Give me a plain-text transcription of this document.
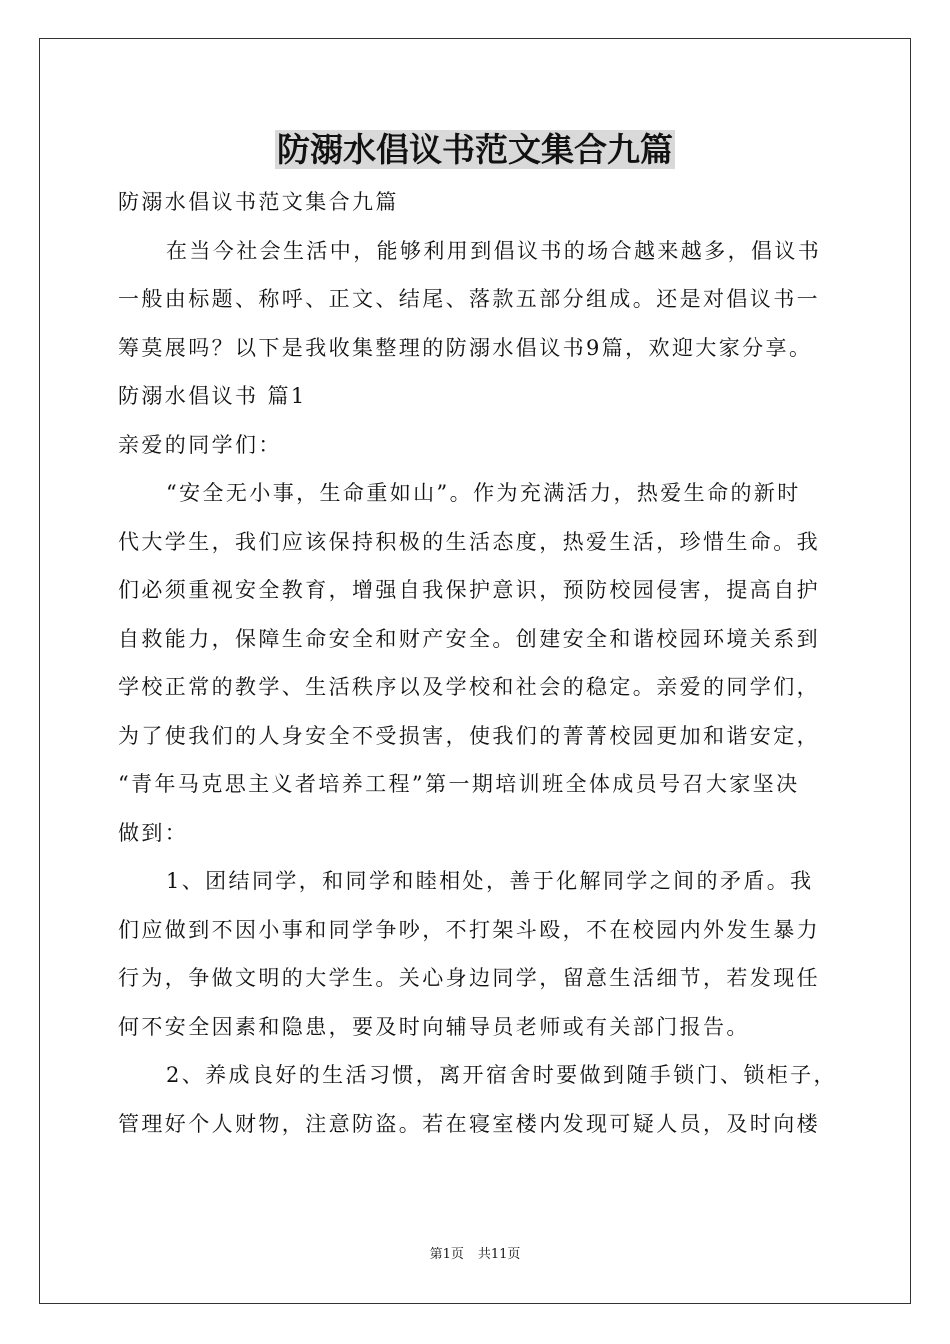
防溺水倡议书范文集合九篇
防溺水倡议书范文集合九篇
在当今社会生活中，能够利用到倡议书的场合越来越多，倡议书
一般由标题、称呼、正文、结尾、落款五部分组成。还是对倡议书一
筹莫展吗？以下是我收集整理的防溺水倡议书9篇，欢迎大家分享。
防溺水倡议书 篇1
亲爱的同学们：
“安全无小事，生命重如山”。作为充满活力，热爱生命的新时
代大学生，我们应该保持积极的生活态度，热爱生活，珍惜生命。我
们必须重视安全教育，增强自我保护意识，预防校园侵害，提高自护
自救能力，保障生命安全和财产安全。创建安全和谐校园环境关系到
学校正常的教学、生活秩序以及学校和社会的稳定。亲爱的同学们，
为了使我们的人身安全不受损害，使我们的菁菁校园更加和谐安定，
“青年马克思主义者培养工程”第一期培训班全体成员号召大家坚决
做到：
1、团结同学，和同学和睦相处，善于化解同学之间的矛盾。我
们应做到不因小事和同学争吵，不打架斗殴，不在校园内外发生暴力
行为，争做文明的大学生。关心身边同学，留意生活细节，若发现任
何不安全因素和隐患，要及时向辅导员老师或有关部门报告。
2、养成良好的生活习惯，离开宿舍时要做到随手锁门、锁柜子，
管理好个人财物，注意防盗。若在寝室楼内发现可疑人员，及时向楼
第1页 共11页
